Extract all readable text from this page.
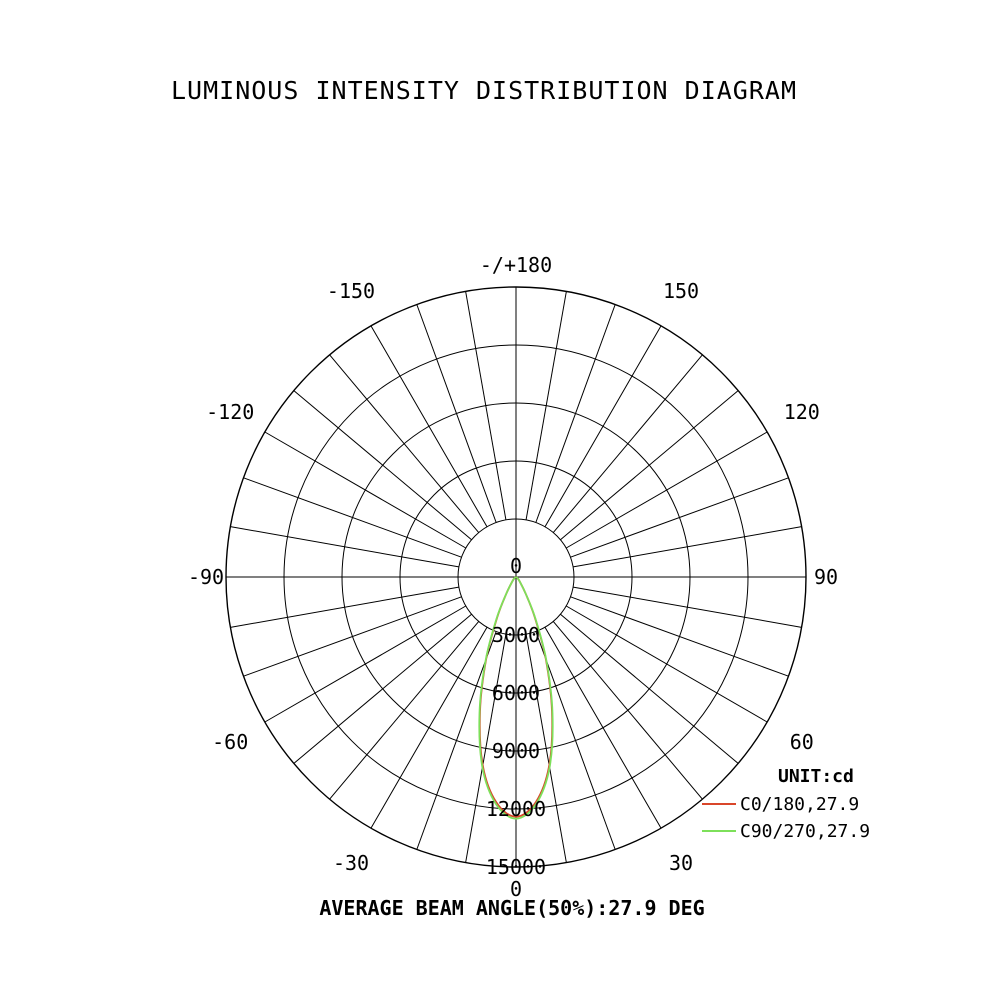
LUMINOUS INTENSITY DISTRIBUTION DIAGRAM
0
30
60
90
120
150
-/+180
-150
-120
-90
-60
-30
3000
6000
9000
12000
15000
0
UNIT:cd
C0/180,27.9
C90/270,27.9
AVERAGE BEAM ANGLE(50%):27.9 DEG
